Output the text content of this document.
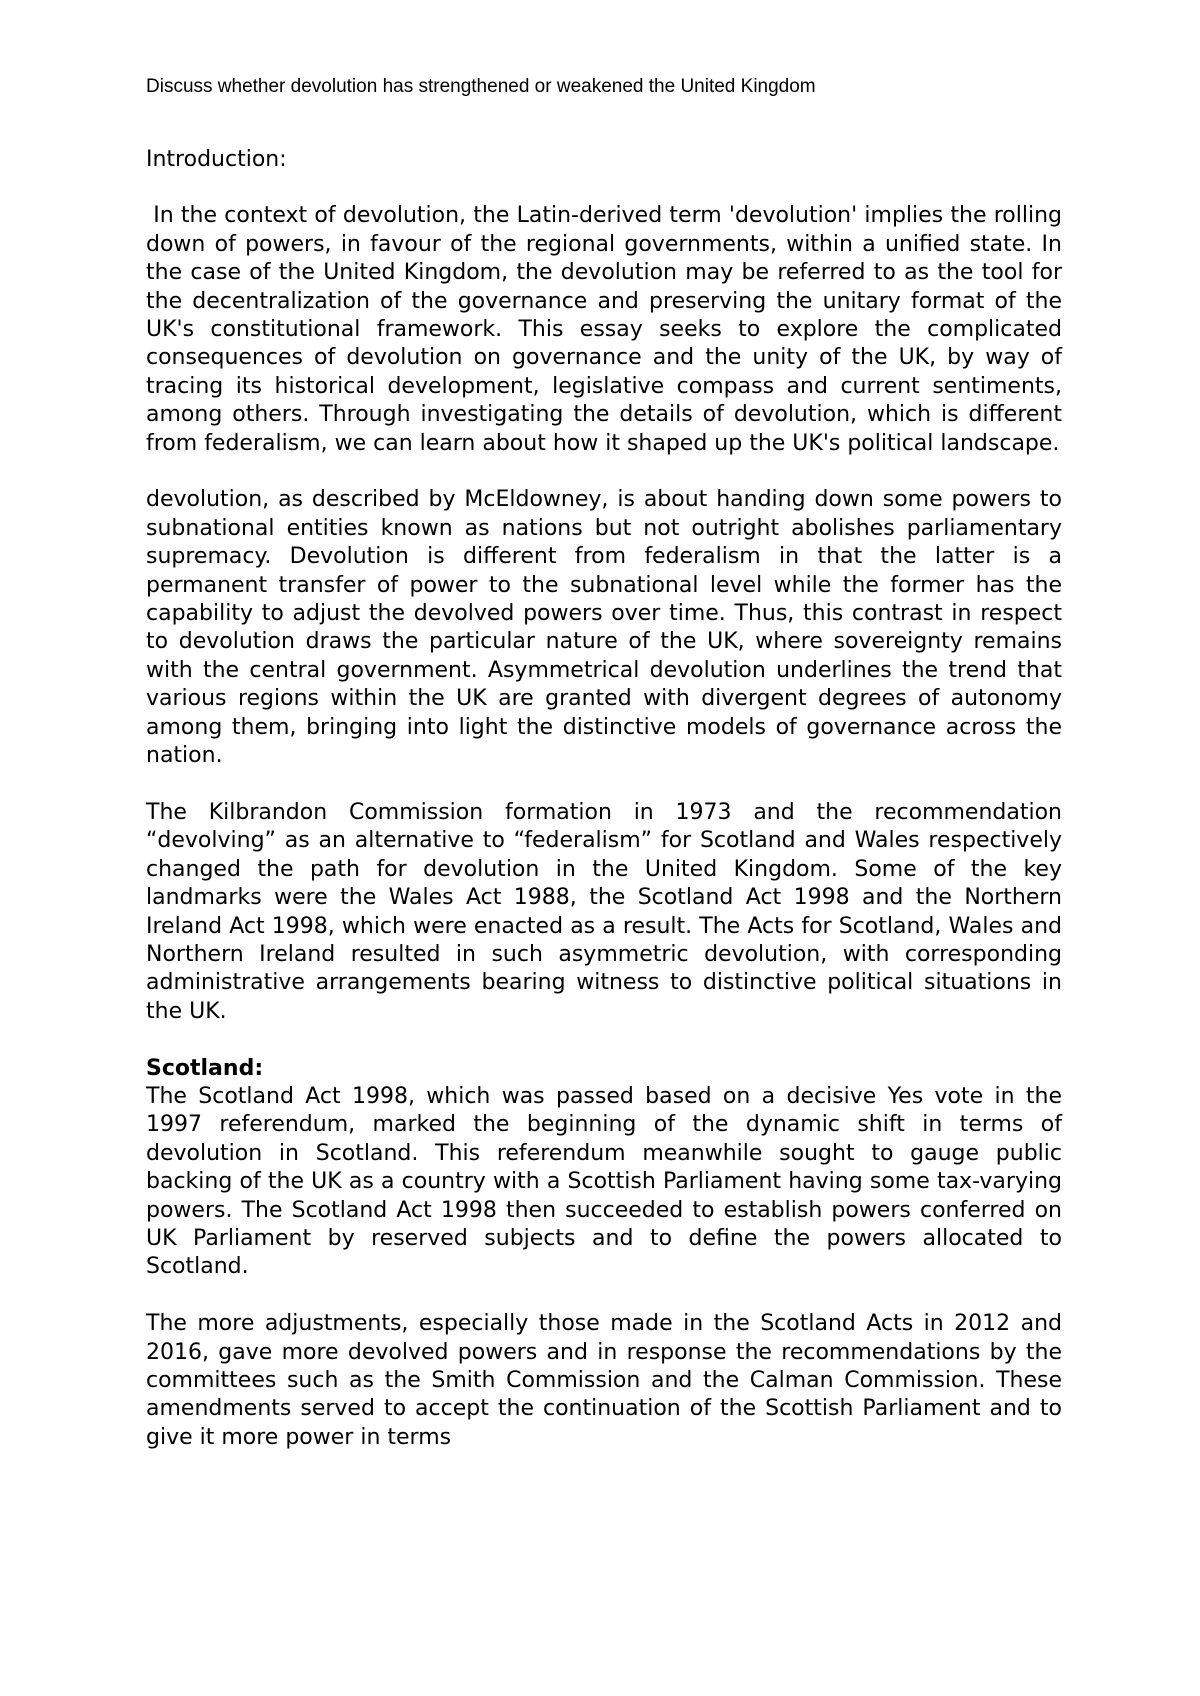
Discuss whether devolution has strengthened or weakened the United Kingdom

Introduction:

In the context of devolution, the Latin-derived term 'devolution' implies the rolling down of powers, in favour of the regional governments, within a unified state. In the case of the United Kingdom, the devolution may be referred to as the tool for the decentralization of the governance and preserving the unitary format of the UK's constitutional framework. This essay seeks to explore the complicated consequences of devolution on governance and the unity of the UK, by way of tracing its historical development, legislative compass and current sentiments, among others. Through investigating the details of devolution, which is different from federalism, we can learn about how it shaped up the UK's political landscape.

devolution, as described by McEldowney, is about handing down some powers to subnational entities known as nations but not outright abolishes parliamentary supremacy. Devolution is different from federalism in that the latter is a permanent transfer of power to the subnational level while the former has the capability to adjust the devolved powers over time. Thus, this contrast in respect to devolution draws the particular nature of the UK, where sovereignty remains with the central government. Asymmetrical devolution underlines the trend that various regions within the UK are granted with divergent degrees of autonomy among them, bringing into light the distinctive models of governance across the nation.

The Kilbrandon Commission formation in 1973 and the recommendation “devolving” as an alternative to “federalism” for Scotland and Wales respectively changed the path for devolution in the United Kingdom. Some of the key landmarks were the Wales Act 1988, the Scotland Act 1998 and the Northern Ireland Act 1998, which were enacted as a result. The Acts for Scotland, Wales and Northern Ireland resulted in such asymmetric devolution, with corresponding administrative arrangements bearing witness to distinctive political situations in the UK.

Scotland:

The Scotland Act 1998, which was passed based on a decisive Yes vote in the 1997 referendum, marked the beginning of the dynamic shift in terms of devolution in Scotland. This referendum meanwhile sought to gauge public backing of the UK as a country with a Scottish Parliament having some tax-varying powers. The Scotland Act 1998 then succeeded to establish powers conferred on UK Parliament by reserved subjects and to define the powers allocated to Scotland.

The more adjustments, especially those made in the Scotland Acts in 2012 and 2016, gave more devolved powers and in response the recommendations by the committees such as the Smith Commission and the Calman Commission. These amendments served to accept the continuation of the Scottish Parliament and to give it more power in terms
